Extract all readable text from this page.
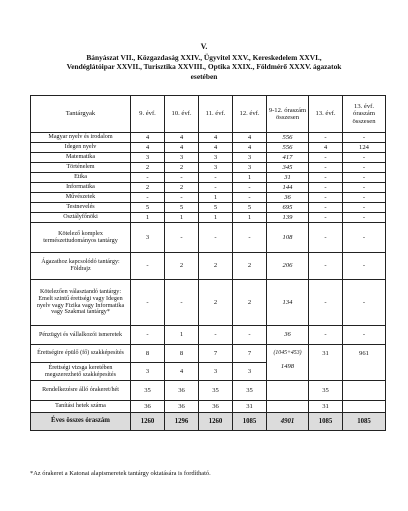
V.
Bányászat VII., Közgazdaság XXIV., Ügyvitel XXV., Kereskedelem XXVI.,
Vendéglátóipar XXVII., Turisztika XXVIII., Optika XXIX., Földmérő XXXV. ágazatok
esetében
Tantárgyak	9. évf.	10. évf.	11. évf.	12. évf.	9-12. óraszám összesen	13. évf.	13. évf. óraszám összesen
Magyar nyelv és irodalom	4	4	4	4	556	-	-
Idegen nyelv	4	4	4	4	556	4	124
Matematika	3	3	3	3	417	-	-
Történelem	2	2	3	3	345	-	-
Etika	-	-	-	1	31	-	-
Informatika	2	2	-	-	144	-	-
Művészetek	-	-	1	-	36	-	-
Testnevelés	5	5	5	5	695	-	-
Osztályfőnöki	1	1	1	1	139	-	-
Kötelező komplex természettudományos tantárgy	3	-	-	-	108	-	-
Ágazathoz kapcsolódó tantárgy: Földrajz	-	2	2	2	206	-	-
Kötelezően választandó tantárgy: Emelt szintű érettségi vagy Idegen nyelv vagy Fizika vagy Informatika vagy Szakmai tantárgy*	-	-	2	2	134	-	-
Pénzügyi és vállalkozói ismeretek	-	1	-	-	36	-	-
Érettségire épülő (fő) szakképesítés	8	8	7	7	(1045+453)	31	961
Érettségi vizsga keretében megszerezhető szakképesítés	3	4	3	3	1498		
Rendelkezésre álló órakeret/hét	35	36	35	35		35	
Tanítási hetek száma	36	36	36	31		31	
Éves összes óraszám	1260	1296	1260	1085	4901	1085	1085
*Az órakeret a Katonai alapismeretek tantárgy oktatására is fordítható.
